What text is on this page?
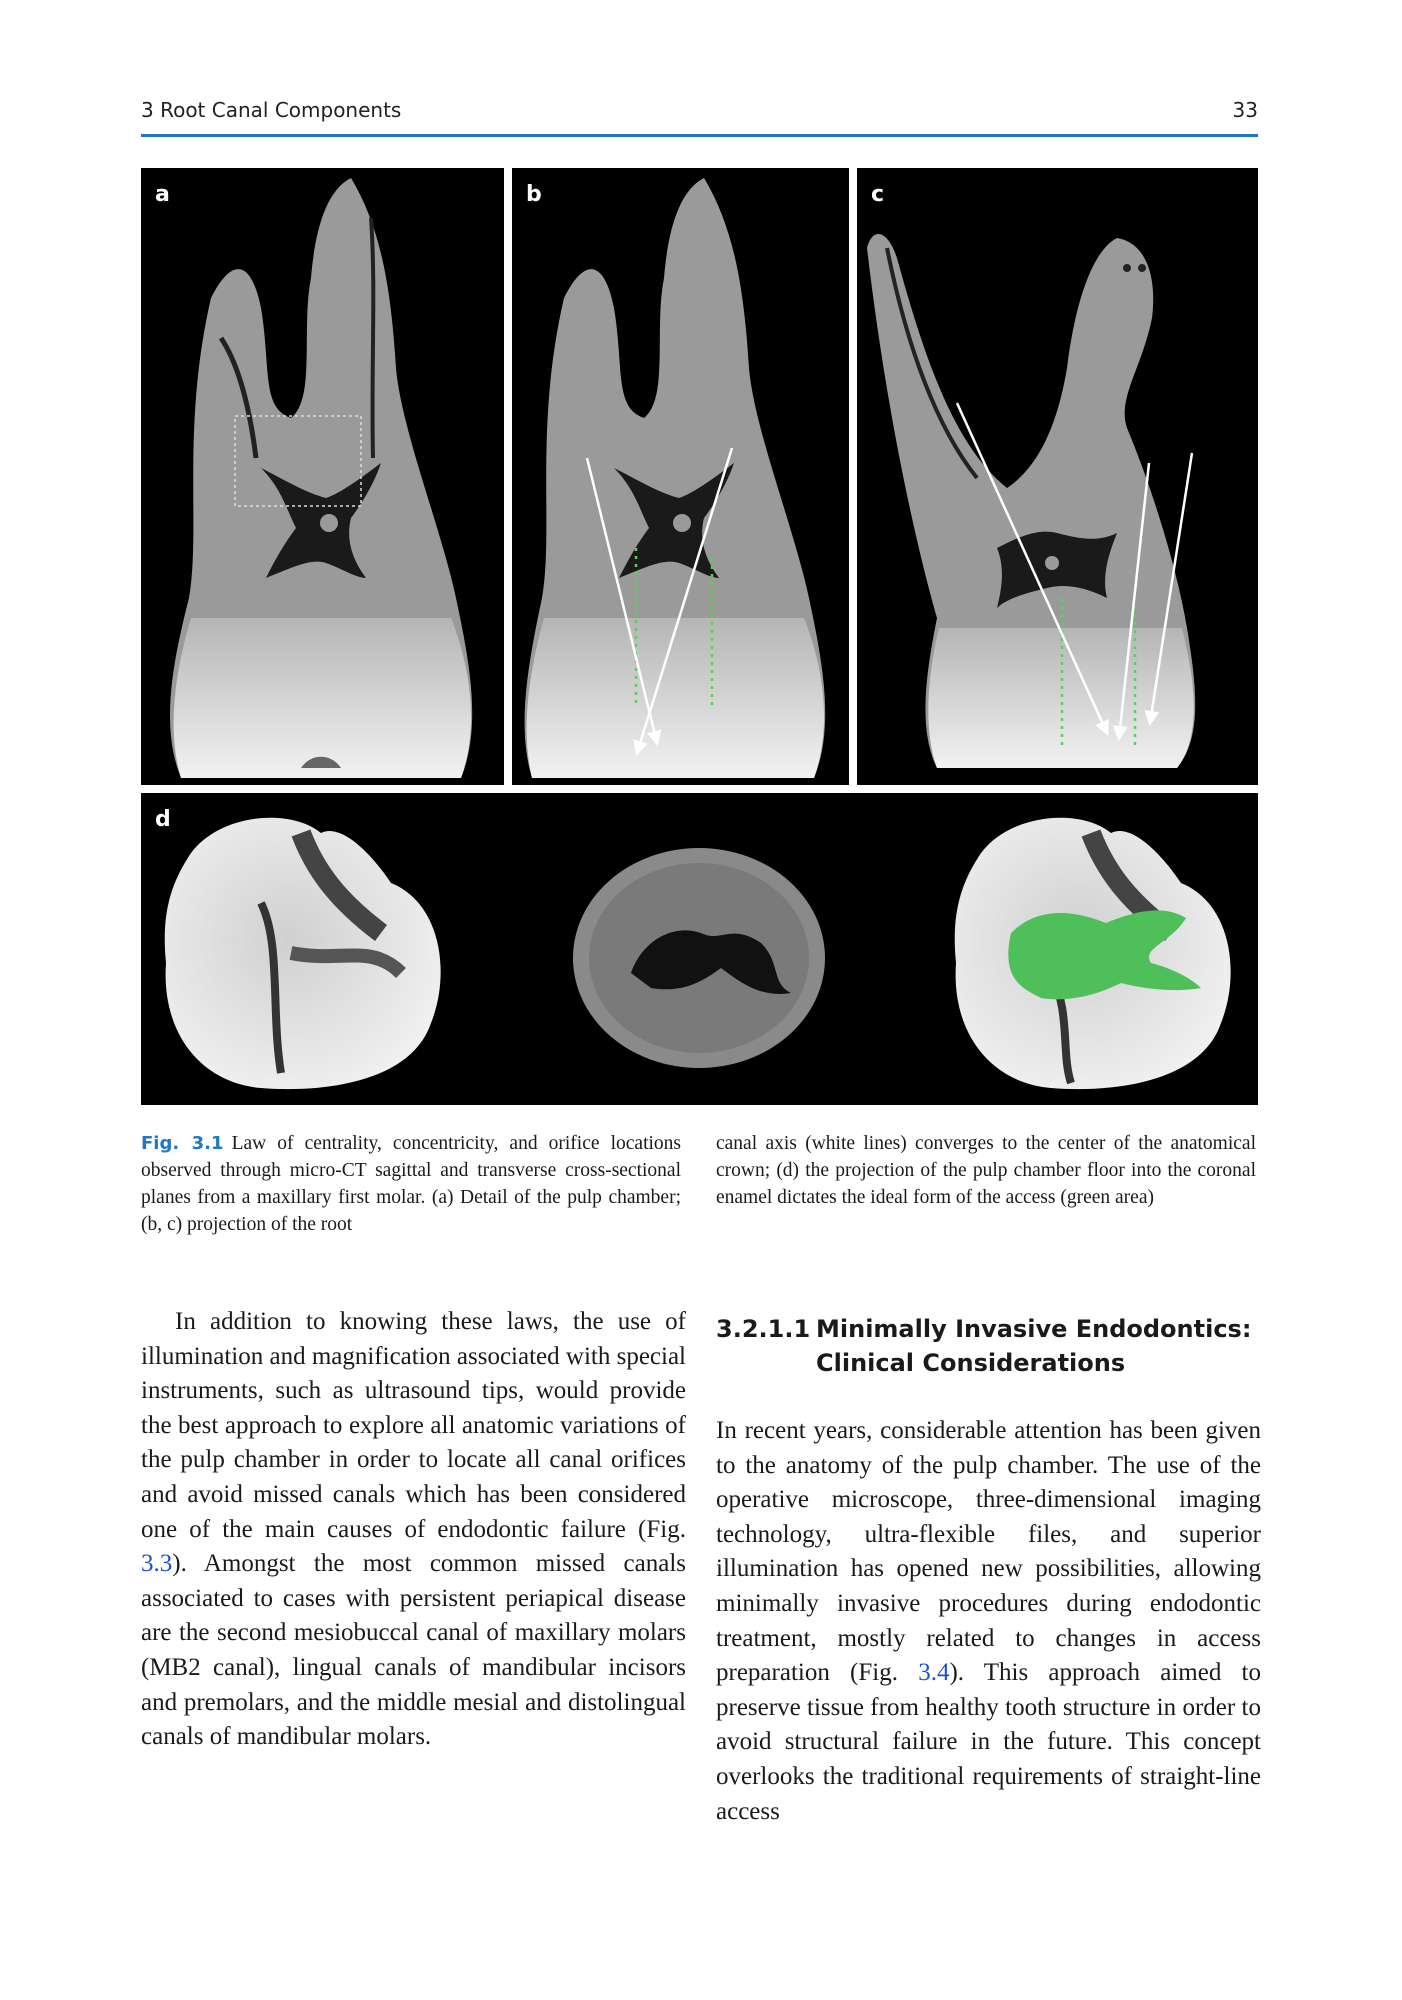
3 Root Canal Components	33
a	b	c
d
Fig. 3.1 Law of centrality, concentricity, and orifice locations observed through micro-CT sagittal and transverse cross-sectional planes from a maxillary first molar. (a) Detail of the pulp chamber; (b, c) projection of the root
canal axis (white lines) converges to the center of the anatomical crown; (d) the projection of the pulp chamber floor into the coronal enamel dictates the ideal form of the access (green area)

In addition to knowing these laws, the use of illumination and magnification associated with special instruments, such as ultrasound tips, would provide the best approach to explore all anatomic variations of the pulp chamber in order to locate all canal orifices and avoid missed canals which has been considered one of the main causes of endodontic failure (Fig. 3.3). Amongst the most common missed canals associated to cases with persistent periapical disease are the second mesiobuccal canal of maxillary molars (MB2 canal), lingual canals of mandibular incisors and premolars, and the middle mesial and distolingual canals of mandibular molars.

3.2.1.1 Minimally Invasive Endodontics: Clinical Considerations

In recent years, considerable attention has been given to the anatomy of the pulp chamber. The use of the operative microscope, three-dimensional imaging technology, ultra-flexible files, and superior illumination has opened new possibilities, allowing minimally invasive procedures during endodontic treatment, mostly related to changes in access preparation (Fig. 3.4). This approach aimed to preserve tissue from healthy tooth structure in order to avoid structural failure in the future. This concept overlooks the traditional requirements of straight-line access
